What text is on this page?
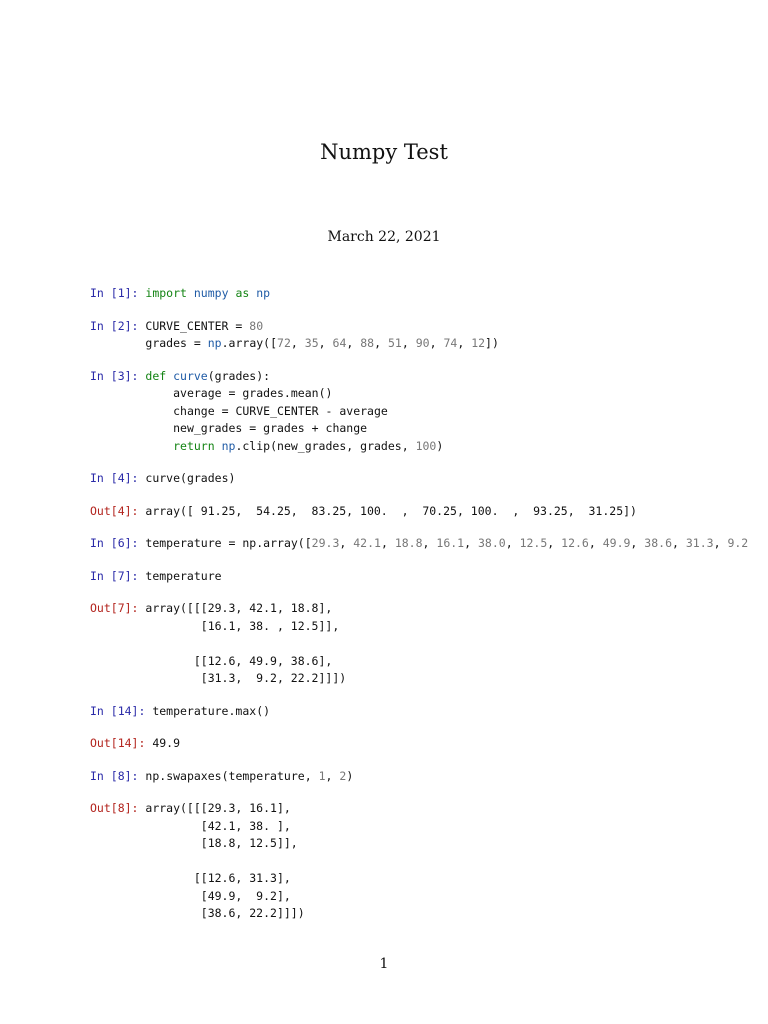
Numpy Test
March 22, 2021
In [1]: import numpy as np
In [2]: CURVE_CENTER = 80

grades = np.array([72, 35, 64, 88, 51, 90, 74, 12])
In [3]: def curve(grades):

average = grades.mean()

change = CURVE_CENTER - average

new_grades = grades + change

return np.clip(new_grades, grades, 100)
In [4]: curve(grades)
Out[4]: array([ 91.25,  54.25,  83.25, 100.  ,  70.25, 100.  ,  93.25,  31.25])
In [6]: temperature = np.array([29.3, 42.1, 18.8, 16.1, 38.0, 12.5, 12.6, 49.9, 38.6, 31.3, 9.2
In [7]: temperature
Out[7]: array([[[29.3, 42.1, 18.8],

[16.1, 38. , 12.5]],

[[12.6, 49.9, 38.6],

[31.3,  9.2, 22.2]]])
In [14]: temperature.max()
Out[14]: 49.9
In [8]: np.swapaxes(temperature, 1, 2)
Out[8]: array([[[29.3, 16.1],

[42.1, 38. ],

[18.8, 12.5]],

[[12.6, 31.3],

[49.9,  9.2],

[38.6, 22.2]]])
1
